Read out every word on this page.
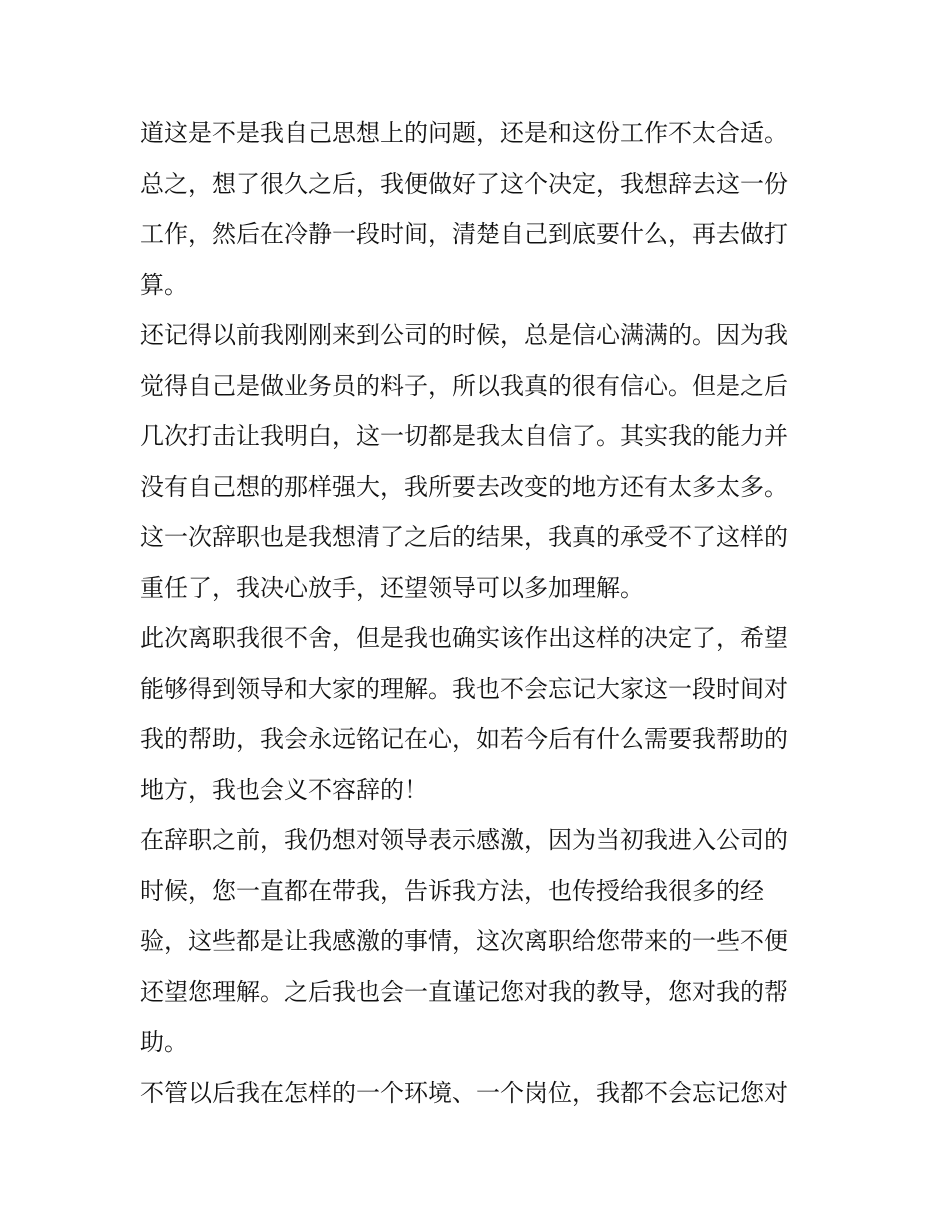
道这是不是我自己思想上的问题，还是和这份工作不太合适。
总之，想了很久之后，我便做好了这个决定，我想辞去这一份
工作，然后在冷静一段时间，清楚自己到底要什么，再去做打
算。
还记得以前我刚刚来到公司的时候，总是信心满满的。因为我
觉得自己是做业务员的料子，所以我真的很有信心。但是之后
几次打击让我明白，这一切都是我太自信了。其实我的能力并
没有自己想的那样强大，我所要去改变的地方还有太多太多。
这一次辞职也是我想清了之后的结果，我真的承受不了这样的
重任了，我决心放手，还望领导可以多加理解。
此次离职我很不舍，但是我也确实该作出这样的决定了，希望
能够得到领导和大家的理解。我也不会忘记大家这一段时间对
我的帮助，我会永远铭记在心，如若今后有什么需要我帮助的
地方，我也会义不容辞的！
在辞职之前，我仍想对领导表示感激，因为当初我进入公司的
时候，您一直都在带我，告诉我方法，也传授给我很多的经
验，这些都是让我感激的事情，这次离职给您带来的一些不便
还望您理解。之后我也会一直谨记您对我的教导，您对我的帮
助。
不管以后我在怎样的一个环境、一个岗位，我都不会忘记您对
